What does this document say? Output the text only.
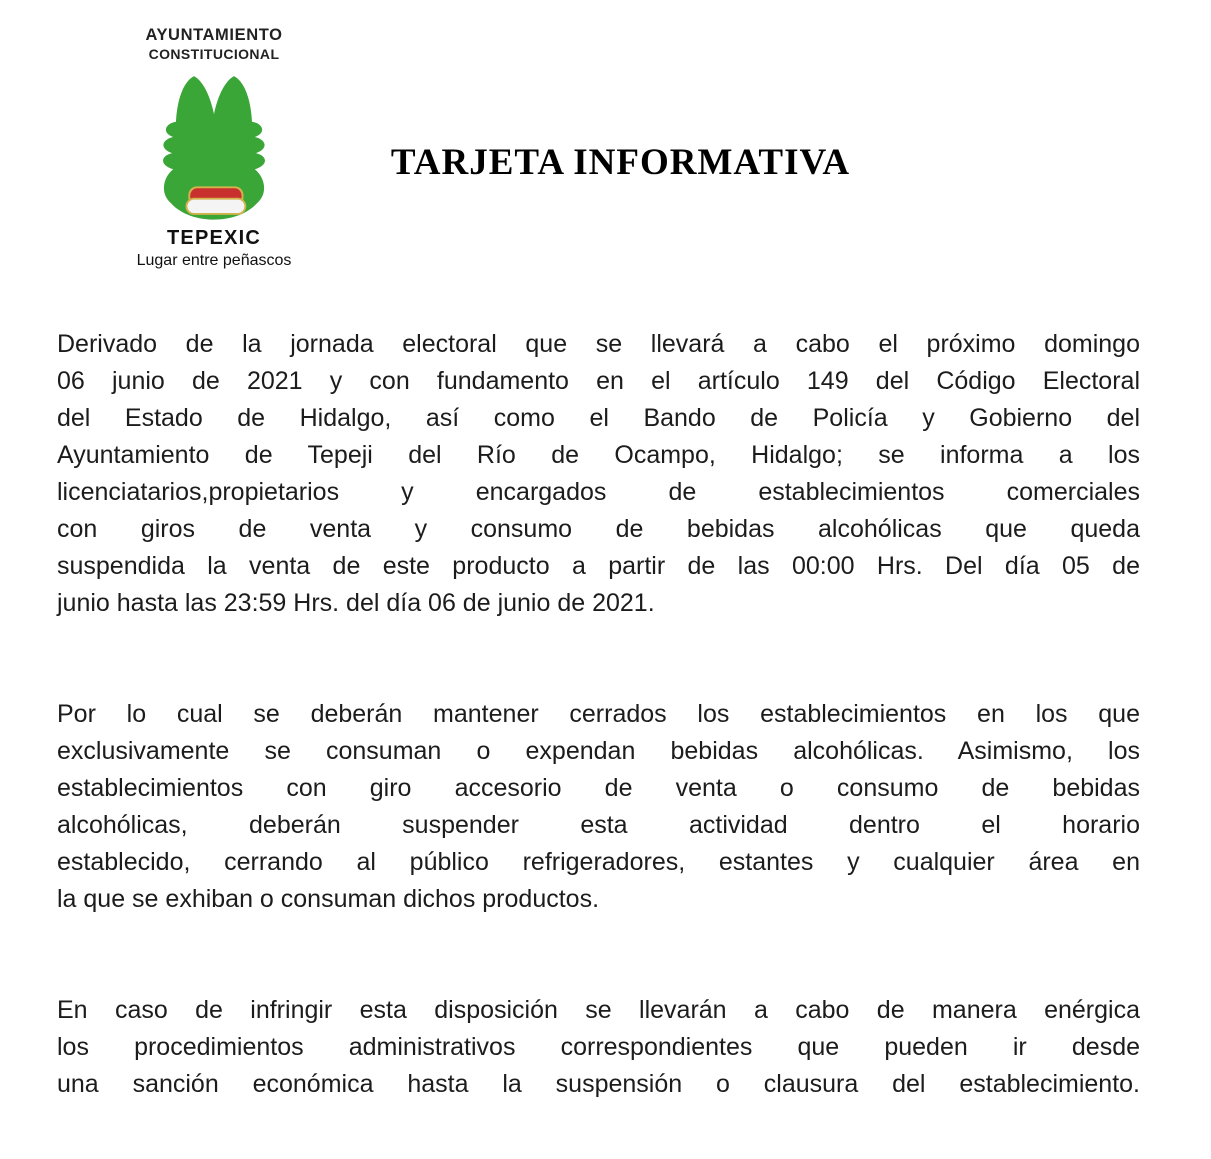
AYUNTAMIENTO
CONSTITUCIONAL
TEPEXIC
Lugar entre peñascos
TARJETA INFORMATIVA
Derivado de la jornada electoral que se llevará a cabo el próximo domingo
06 junio de 2021 y con fundamento en el artículo 149 del Código Electoral
del Estado de Hidalgo, así como el Bando de Policía y Gobierno del
Ayuntamiento de Tepeji del Río de Ocampo, Hidalgo; se informa a los
licenciatarios,propietarios y encargados de establecimientos comerciales
con giros de venta y consumo de bebidas alcohólicas que queda
suspendida la venta de este producto a partir de las 00:00 Hrs. Del día 05 de
junio hasta las 23:59 Hrs. del día 06 de junio de 2021.
Por lo cual se deberán mantener cerrados los establecimientos en los que
exclusivamente se consuman o expendan bebidas alcohólicas. Asimismo, los
establecimientos con giro accesorio de venta o consumo de bebidas
alcohólicas, deberán suspender esta actividad dentro el horario
establecido, cerrando al público refrigeradores, estantes y cualquier área en
la que se exhiban o consuman dichos productos.
En caso de infringir esta disposición se llevarán a cabo de manera enérgica
los procedimientos administrativos correspondientes que pueden ir desde
una sanción económica hasta la suspensión o clausura del establecimiento.
